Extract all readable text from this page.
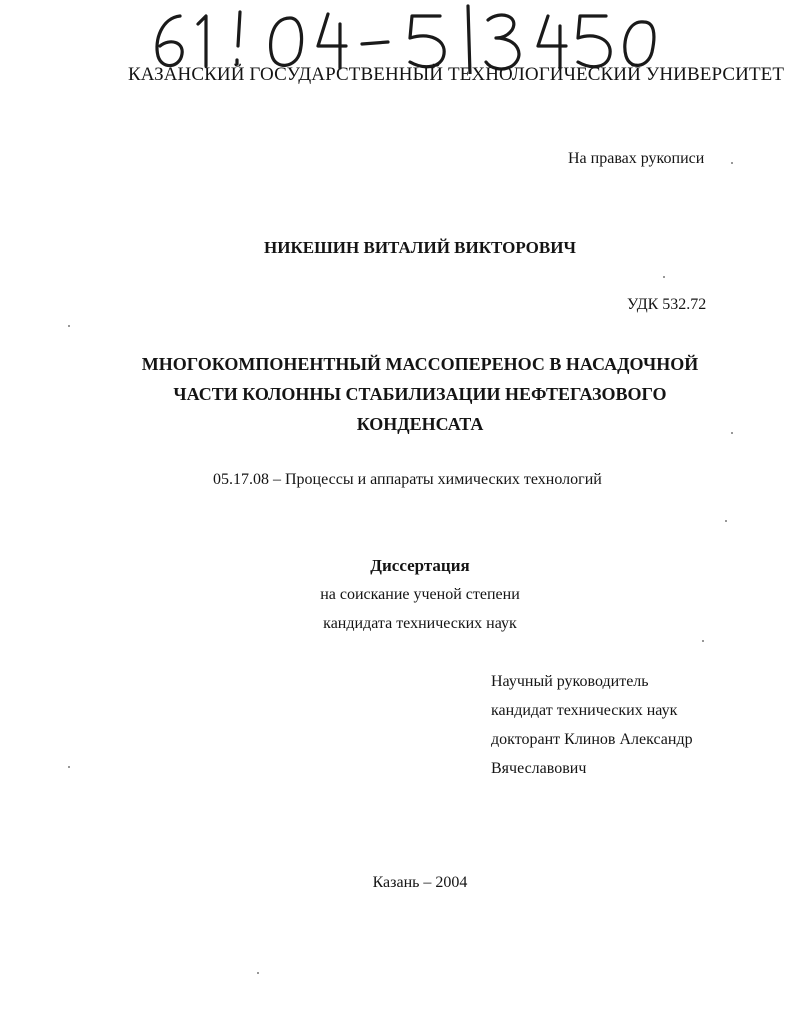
КАЗАНСКИЙ ГОСУДАРСТВЕННЫЙ ТЕХНОЛОГИЧЕСКИЙ УНИВЕРСИТЕТ
На правах рукописи
НИКЕШИН ВИТАЛИЙ ВИКТОРОВИЧ
УДК 532.72
МНОГОКОМПОНЕНТНЫЙ МАССОПЕРЕНОС В НАСАДОЧНОЙ
ЧАСТИ КОЛОННЫ СТАБИЛИЗАЦИИ НЕФТЕГАЗОВОГО
КОНДЕНСАТА
05.17.08 – Процессы и аппараты химических технологий
Диссертация
на соискание ученой степени
кандидата технических наук
Научный руководитель
кандидат технических наук
докторант Клинов Александр
Вячеславович
Казань – 2004
